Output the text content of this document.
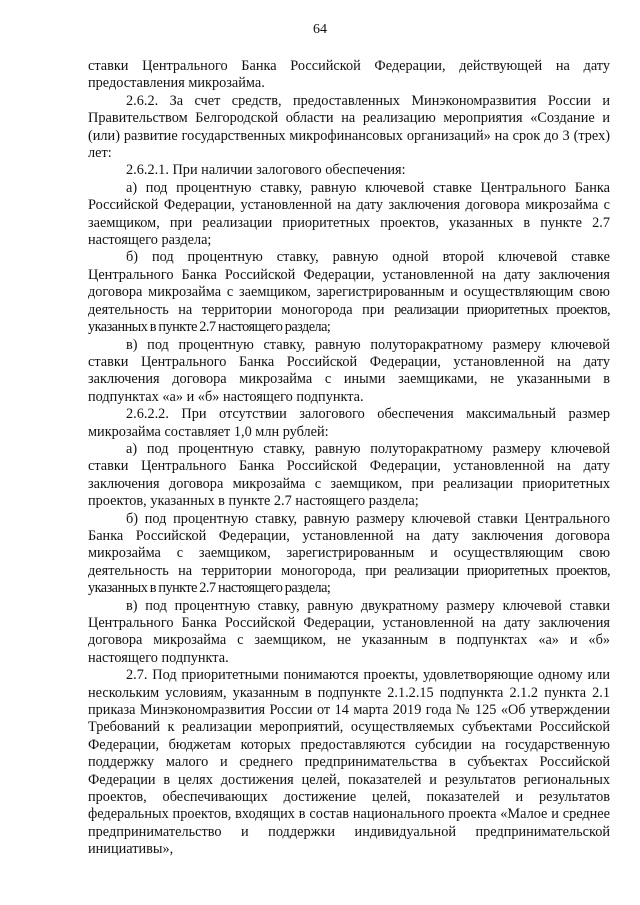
64

ставки Центрального Банка Российской Федерации, действующей на дату предоставления микрозайма.

2.6.2. За счет средств, предоставленных Минэкономразвития России и Правительством Белгородской области на реализацию мероприятия «Создание и (или) развитие государственных микрофинансовых организаций» на срок до 3 (трех) лет:

2.6.2.1. При наличии залогового обеспечения:

а) под процентную ставку, равную ключевой ставке Центрального Банка Российской Федерации, установленной на дату заключения договора микрозайма с заемщиком, при реализации приоритетных проектов, указанных в пункте 2.7 настоящего раздела;

б) под процентную ставку, равную одной второй ключевой ставке Центрального Банка Российской Федерации, установленной на дату заключения договора микрозайма с заемщиком, зарегистрированным и осуществляющим свою деятельность на территории моногорода при реализации приоритетных проектов, указанных в пункте 2.7 настоящего раздела;

в) под процентную ставку, равную полуторакратному размеру ключевой ставки Центрального Банка Российской Федерации, установленной на дату заключения договора микрозайма с иными заемщиками, не указанными в подпунктах «а» и «б» настоящего подпункта.

2.6.2.2. При отсутствии залогового обеспечения максимальный размер микрозайма составляет 1,0 млн рублей:

а) под процентную ставку, равную полуторакратному размеру ключевой ставки Центрального Банка Российской Федерации, установленной на дату заключения договора микрозайма с заемщиком, при реализации приоритетных проектов, указанных в пункте 2.7 настоящего раздела;

б) под процентную ставку, равную размеру ключевой ставки Центрального Банка Российской Федерации, установленной на дату заключения договора микрозайма с заемщиком, зарегистрированным и осуществляющим свою деятельность на территории моногорода, при реализации приоритетных проектов, указанных в пункте 2.7 настоящего раздела;

в) под процентную ставку, равную двукратному размеру ключевой ставки Центрального Банка Российской Федерации, установленной на дату заключения договора микрозайма с заемщиком, не указанным в подпунктах «а» и «б» настоящего подпункта.

2.7. Под приоритетными понимаются проекты, удовлетворяющие одному или нескольким условиям, указанным в подпункте 2.1.2.15 подпункта 2.1.2 пункта 2.1 приказа Минэкономразвития России от 14 марта 2019 года № 125 «Об утверждении Требований к реализации мероприятий, осуществляемых субъектами Российской Федерации, бюджетам которых предоставляются субсидии на государственную поддержку малого и среднего предпринимательства в субъектах Российской Федерации в целях достижения целей, показателей и результатов региональных проектов, обеспечивающих достижение целей, показателей и результатов федеральных проектов, входящих в состав национального проекта «Малое и среднее предпринимательство и поддержки индивидуальной предпринимательской инициативы»,
